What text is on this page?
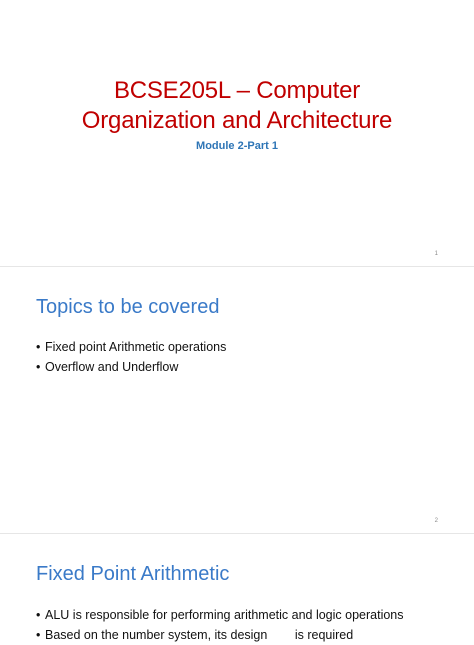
BCSE205L – Computer
Organization and Architecture
Module 2-Part 1
1
Topics to be covered
• Fixed point Arithmetic operations
• Overflow and Underflow
2
Fixed Point Arithmetic
• ALU is responsible for performing arithmetic and logic operations
• Based on the number system, its design is required
